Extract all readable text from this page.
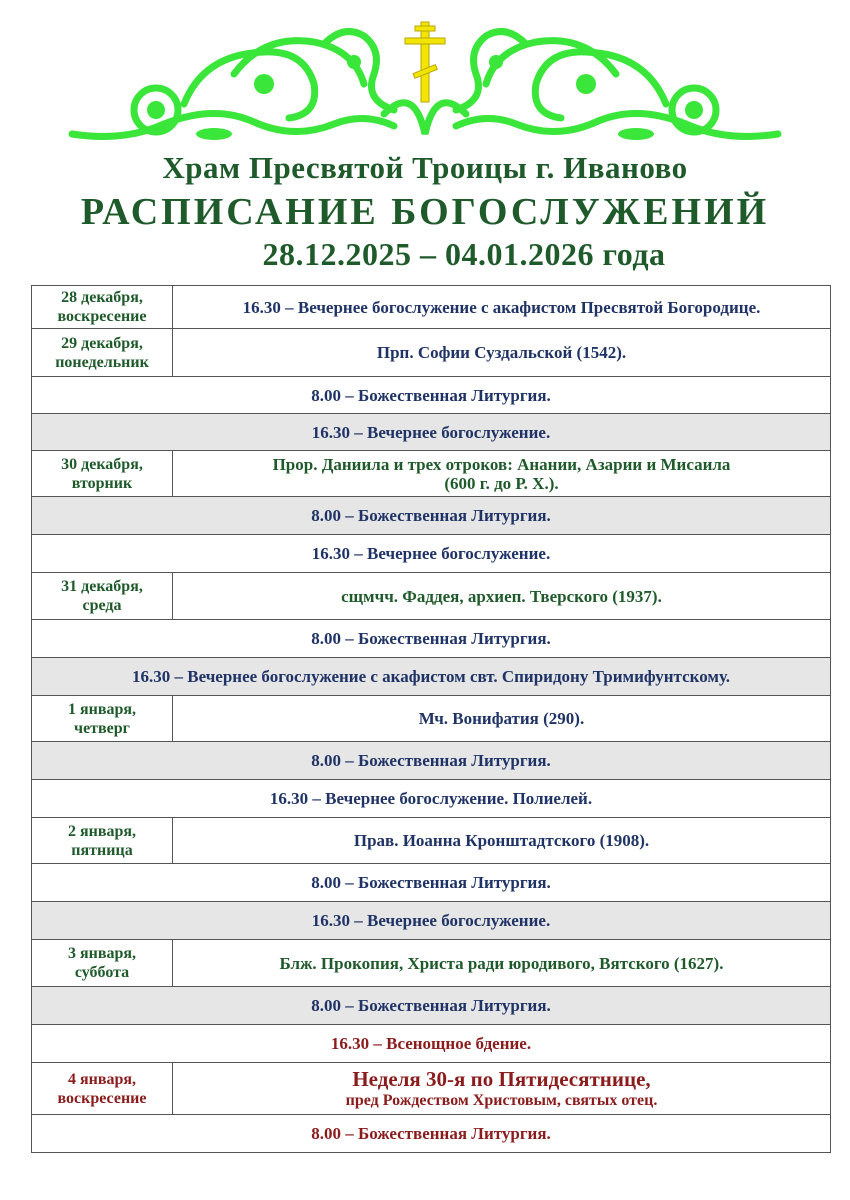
Храм Пресвятой Троицы г. Иваново
РАСПИСАНИЕ БОГОСЛУЖЕНИЙ
28.12.2025 – 04.01.2026 года
28 декабря,
воскресение	16.30 – Вечернее богослужение с акафистом Пресвятой Богородице.

29 декабря,
понедельник	Прп. Софии Суздальской (1542).
8.00 – Божественная Литургия.	
16.30 – Вечернее богослужение.	

30 декабря,
вторник	Прор. Даниила и трех отроков: Анании, Азарии и Мисаила
(600 г. до Р. Х.).

8.00 – Божественная Литургия.	
16.30 – Вечернее богослужение.	

31 декабря,
среда	сщмчч. Фаддея, архиеп. Тверского (1937).
8.00 – Божественная Литургия.	
16.30 – Вечернее богослужение с акафистом свт. Спиридону Тримифунтскому.	

1 января,
четверг	Мч. Вонифатия (290).
8.00 – Божественная Литургия.	
16.30 – Вечернее богослужение. Полиелей.	

2 января,
пятница	Прав. Иоанна Кронштадтского (1908).
8.00 – Божественная Литургия.	
16.30 – Вечернее богослужение.	

3 января,
суббота	Блж. Прокопия, Христа ради юродивого, Вятского (1627).
8.00 – Божественная Литургия.	
16.30 – Всенощное бдение.	

4 января,
воскресение	Неделя 30-я по Пятидесятнице,
пред Рождеством Христовым, святых отец.

8.00 – Божественная Литургия.	
